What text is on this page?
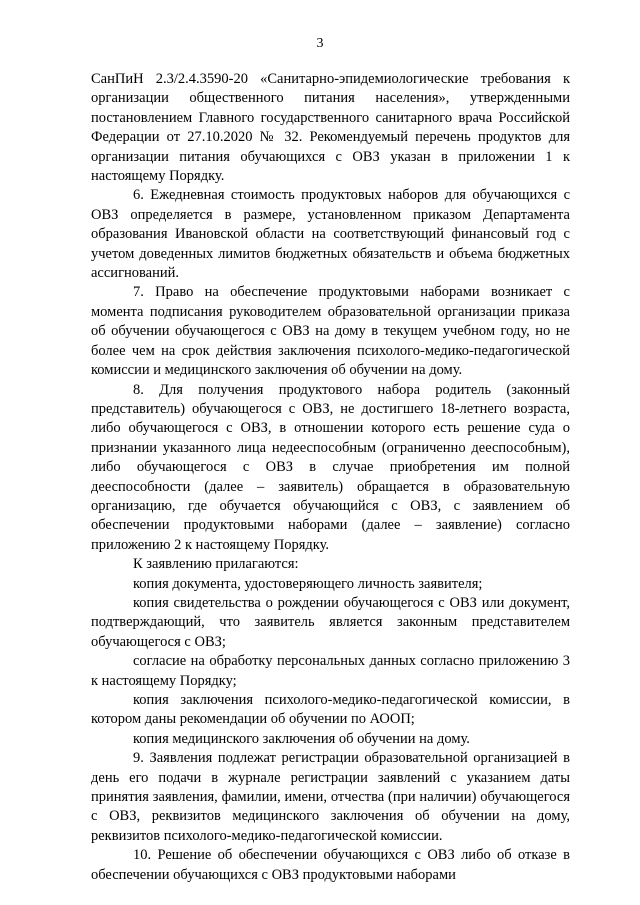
3

СанПиН 2.3/2.4.3590-20 «Санитарно-эпидемиологические требования к организации общественного питания населения», утвержденными постановлением Главного государственного санитарного врача Российской Федерации от 27.10.2020 № 32. Рекомендуемый перечень продуктов для организации питания обучающихся с ОВЗ указан в приложении 1 к настоящему Порядку.

6. Ежедневная стоимость продуктовых наборов для обучающихся с ОВЗ определяется в размере, установленном приказом Департамента образования Ивановской области на соответствующий финансовый год с учетом доведенных лимитов бюджетных обязательств и объема бюджетных ассигнований.

7. Право на обеспечение продуктовыми наборами возникает с момента подписания руководителем образовательной организации приказа об обучении обучающегося с ОВЗ на дому в текущем учебном году, но не более чем на срок действия заключения психолого-медико-педагогической комиссии и медицинского заключения об обучении на дому.

8. Для получения продуктового набора родитель (законный представитель) обучающегося с ОВЗ, не достигшего 18-летнего возраста, либо обучающегося с ОВЗ, в отношении которого есть решение суда о признании указанного лица недееспособным (ограниченно дееспособным), либо обучающегося с ОВЗ в случае приобретения им полной дееспособности (далее – заявитель) обращается в образовательную организацию, где обучается обучающийся с ОВЗ, с заявлением об обеспечении продуктовыми наборами (далее – заявление) согласно приложению 2 к настоящему Порядку.

К заявлению прилагаются:

копия документа, удостоверяющего личность заявителя;

копия свидетельства о рождении обучающегося с ОВЗ или документ, подтверждающий, что заявитель является законным представителем обучающегося с ОВЗ;

согласие на обработку персональных данных согласно приложению 3 к настоящему Порядку;

копия заключения психолого-медико-педагогической комиссии, в котором даны рекомендации об обучении по АООП;

копия медицинского заключения об обучении на дому.

9. Заявления подлежат регистрации образовательной организацией в день его подачи в журнале регистрации заявлений с указанием даты принятия заявления, фамилии, имени, отчества (при наличии) обучающегося с ОВЗ, реквизитов медицинского заключения об обучении на дому, реквизитов психолого-медико-педагогической комиссии.

10. Решение об обеспечении обучающихся с ОВЗ либо об отказе в обеспечении обучающихся с ОВЗ продуктовыми наборами
